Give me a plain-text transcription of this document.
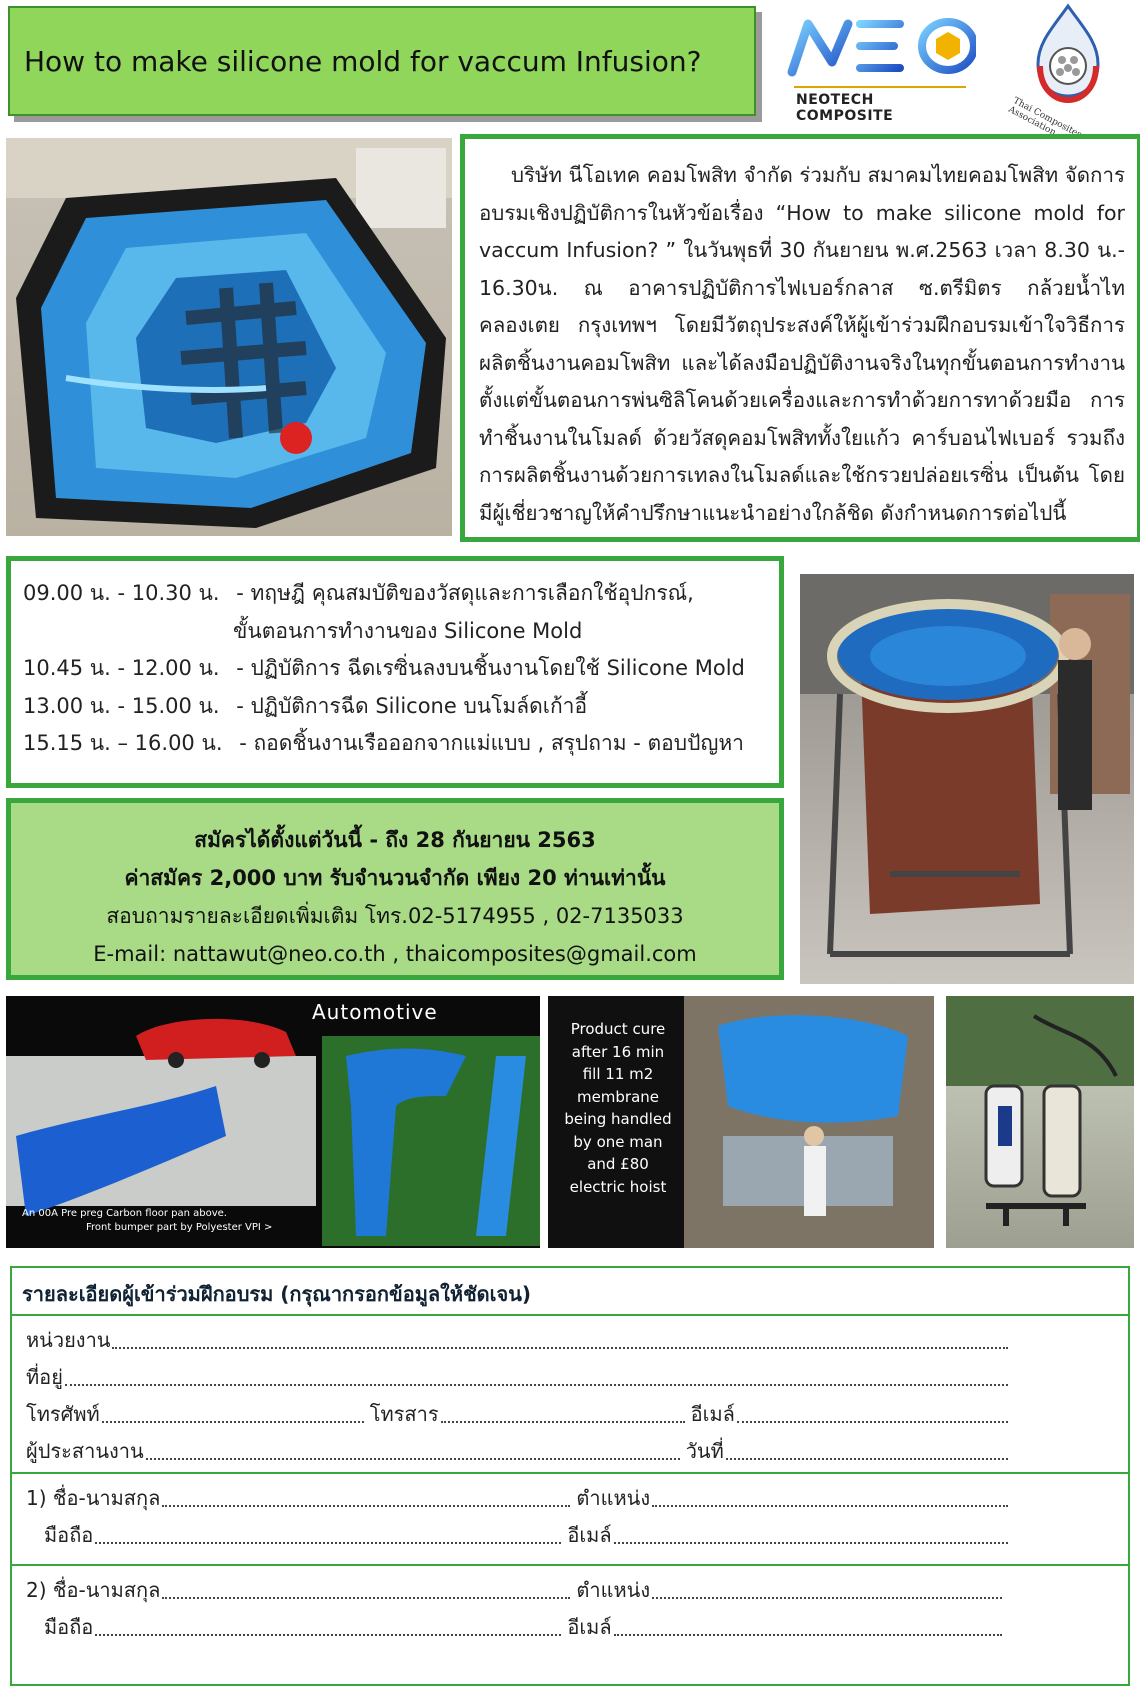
How to make silicone mold for vaccum Infusion?
NEOTECH COMPOSITE	Thai Composites Association

บริษัท นีโอเทค คอมโพสิท จำกัด ร่วมกับ สมาคมไทยคอมโพสิท จัดการอบรมเชิงปฏิบัติการในหัวข้อเรื่อง “How to make silicone mold for vaccum Infusion? ” ในวันพุธที่ 30 กันยายน พ.ศ.2563 เวลา 8.30 น.- 16.30น. ณ อาคารปฏิบัติการไฟเบอร์กลาส ซ.ตรีมิตร กล้วยน้ำไท คลองเตย กรุงเทพฯ โดยมีวัตถุประสงค์ให้ผู้เข้าร่วมฝึกอบรมเข้าใจวิธีการผลิตชิ้นงานคอมโพสิท และได้ลงมือปฏิบัติงานจริงในทุกขั้นตอนการทำงาน ตั้งแต่ขั้นตอนการพ่นซิลิโคนด้วยเครื่องและการทำด้วยการทาด้วยมือ การทำชิ้นงานในโมลด์ ด้วยวัสดุคอมโพสิททั้งใยแก้ว คาร์บอนไฟเบอร์ รวมถึงการผลิตชิ้นงานด้วยการเทลงในโมลด์และใช้กรวยปล่อยเรซิ่น เป็นต้น โดยมีผู้เชี่ยวชาญให้คำปรึกษาแนะนำอย่างใกล้ชิด ดังกำหนดการต่อไปนี้

09.00 น. - 10.30 น. - ทฤษฎี คุณสมบัติของวัสดุและการเลือกใช้อุปกรณ์,
ขั้นตอนการทำงานของ Silicone Mold
10.45 น. - 12.00 น. - ปฏิบัติการ ฉีดเรซิ่นลงบนชิ้นงานโดยใช้ Silicone Mold
13.00 น. - 15.00 น. - ปฏิบัติการฉีด Silicone บนโมล์ดเก้าอี้
15.15 น. – 16.00 น. - ถอดชิ้นงานเรือออกจากแม่แบบ , สรุปถาม - ตอบปัญหา
สมัครได้ตั้งแต่วันนี้ - ถึง 28 กันยายน 2563
ค่าสมัคร 2,000 บาท รับจำนวนจำกัด เพียง 20 ท่านเท่านั้น
สอบถามรายละเอียดเพิ่มเติม โทร.02-5174955 , 02-7135033
E-mail: nattawut@neo.co.th , thaicomposites@gmail.com
Automotive
An 00A Pre preg Carbon floor pan above.
Front bumper part by Polyester VPI >
Product cure
after 16 min
fill 11 m2
membrane
being handled
by one man
and £80
electric hoist
รายละเอียดผู้เข้าร่วมฝึกอบรม (กรุณากรอกข้อมูลให้ชัดเจน)
หน่วยงาน
ที่อยู่
โทรศัพท์	โทรสาร	อีเมล์
ผู้ประสานงาน	วันที่
1) ชื่อ-นามสกุล	ตำแหน่ง
มือถือ	อีเมล์
2) ชื่อ-นามสกุล	ตำแหน่ง
มือถือ	อีเมล์
